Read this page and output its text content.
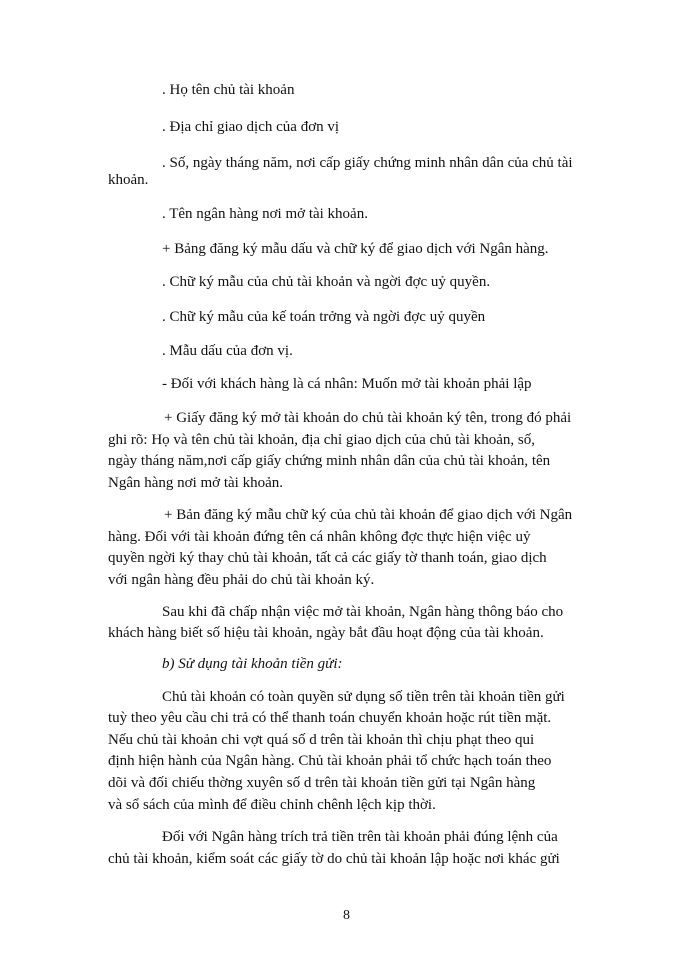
. Họ tên chủ tài khoản
. Địa chỉ giao dịch của đơn vị
. Số, ngày tháng năm, nơi cấp giấy chứng minh nhân dân của chủ tài
khoản.
. Tên ngân hàng nơi mở tài khoản.
+ Bảng đăng ký mẫu dấu và chữ ký để giao dịch với Ngân hàng.
. Chữ ký mẫu của chủ tài khoản và ngời đợc uỷ quyền.
. Chữ ký mẫu của kế toán trởng và ngời đợc uỷ quyền
. Mẫu dấu của đơn vị.
- Đối với khách hàng là cá nhân: Muốn mở tài khoản phải lập
+ Giấy đăng ký mở tài khoản do chủ tài khoản ký tên, trong đó phải
ghi rõ: Họ và tên chủ tài khoản, địa chỉ giao dịch của chủ tài khoản, số,
ngày tháng năm,nơi cấp giấy chứng minh nhân dân của chủ tài khoản, tên
Ngân hàng nơi mở tài khoản.
+ Bản đăng ký mẫu chữ ký của chủ tài khoản để giao dịch với Ngân
hàng. Đối với tài khoản đứng tên cá nhân không đợc thực hiện việc uỷ
quyền ngời ký thay chủ tài khoản, tất cả các giấy tờ thanh toán, giao dịch
với ngân hàng đều phải do chủ tài khoản ký.
Sau khi đã chấp nhận việc mở tài khoản, Ngân hàng thông báo cho
khách hàng biết số hiệu tài khoản, ngày bắt đầu hoạt động của tài khoản.
b) Sử dụng tài khoản tiền gửi:
Chủ tài khoản có toàn quyền sử dụng số tiền trên tài khoản tiền gửi
tuỳ theo yêu cầu chi trả có thể thanh toán chuyển khoản hoặc rút tiền mặt.
Nếu chủ tài khoản chi vợt quá số d trên tài khoản thì chịu phạt theo qui
định hiện hành của Ngân hàng. Chủ tài khoản phải tổ chức hạch toán theo
dõi và đối chiếu thờng xuyên số d trên tài khoản tiền gửi tại Ngân hàng
và sổ sách của mình để điều chỉnh chênh lệch kịp thời.
Đối với Ngân hàng trích trả tiền trên tài khoản phải đúng lệnh của
chủ tài khoản, kiểm soát các giấy tờ do chủ tài khoản lập hoặc nơi khác gửi
8
